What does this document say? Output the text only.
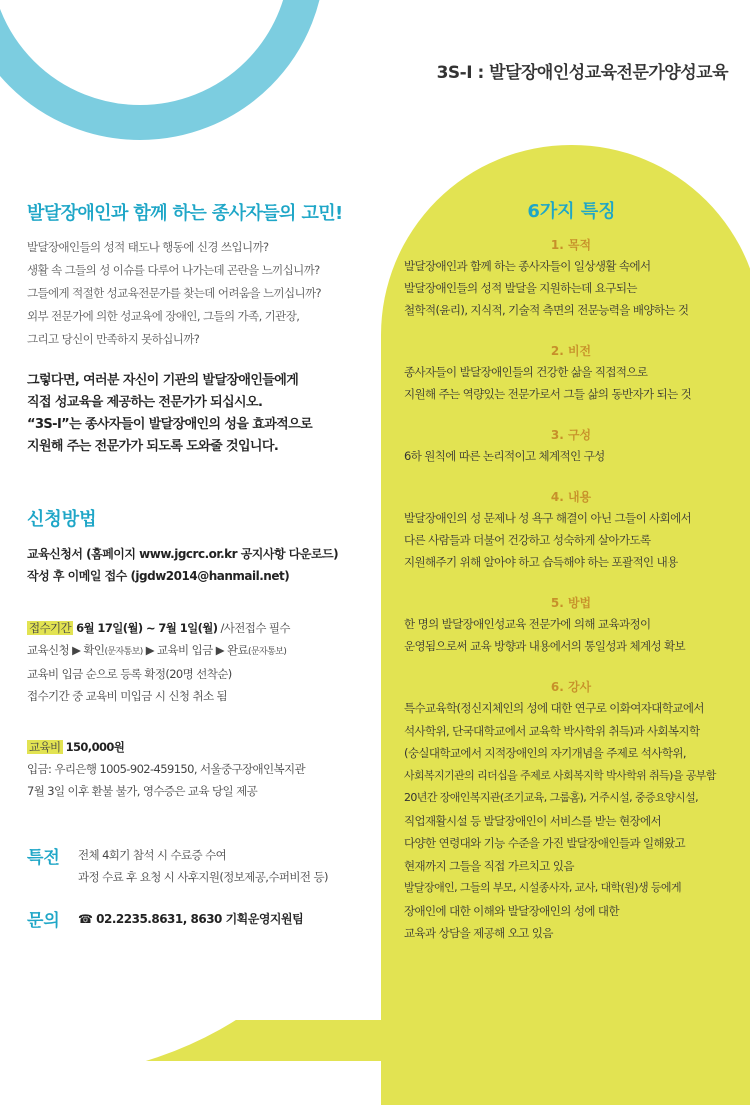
3S-I : 발달장애인성교육전문가양성교육
발달장애인과 함께 하는 종사자들의 고민!
발달장애인들의 성적 태도나 행동에 신경 쓰입니까?
생활 속 그들의 성 이슈를 다루어 나가는데 곤란을 느끼십니까?
그들에게 적절한 성교육전문가를 찾는데 어려움을 느끼십니까?
외부 전문가에 의한 성교육에 장애인, 그들의 가족, 기관장,
그리고 당신이 만족하지 못하십니까?
그렇다면, 여러분 자신이 기관의 발달장애인들에게
직접 성교육을 제공하는 전문가가 되십시오.
“3S-I”는 종사자들이 발달장애인의 성을 효과적으로
지원해 주는 전문가가 되도록 도와줄 것입니다.
신청방법
교육신청서 (홈페이지 www.jgcrc.or.kr 공지사항 다운로드)
작성 후 이메일 접수 (jgdw2014@hanmail.net)
접수기간 6월 17일(월) ~ 7월 1일(월) /사전접수 필수
교육신청 ▶ 확인(문자통보) ▶ 교육비 입금 ▶ 완료(문자통보)
교육비 입금 순으로 등록 확정(20명 선착순)
접수기간 중 교육비 미입금 시 신청 취소 됨
교육비 150,000원
입금: 우리은행 1005-902-459150, 서울중구장애인복지관
7월 3일 이후 환불 불가, 영수증은 교육 당일 제공
특전 전체 4회기 참석 시 수료증 수여
과정 수료 후 요청 시 사후지원(정보제공,수퍼비전 등)
문의 ☎ 02.2235.8631, 8630 기획운영지원팀
6가지 특징
1. 목적
발달장애인과 함께 하는 종사자들이 일상생활 속에서
발달장애인들의 성적 발달을 지원하는데 요구되는
철학적(윤리), 지식적, 기술적 측면의 전문능력을 배양하는 것
2. 비전
종사자들이 발달장애인들의 건강한 삶을 직접적으로
지원해 주는 역량있는 전문가로서 그들 삶의 동반자가 되는 것
3. 구성
6하 원칙에 따른 논리적이고 체계적인 구성
4. 내용
발달장애인의 성 문제나 성 욕구 해결이 아닌 그들이 사회에서
다른 사람들과 더불어 건강하고 성숙하게 살아가도록
지원해주기 위해 알아야 하고 습득해야 하는 포괄적인 내용
5. 방법
한 명의 발달장애인성교육 전문가에 의해 교육과정이
운영됨으로써 교육 방향과 내용에서의 통일성과 체계성 확보
6. 강사
특수교육학(정신지체인의 성에 대한 연구로 이화여자대학교에서
석사학위, 단국대학교에서 교육학 박사학위 취득)과 사회복지학
(숭실대학교에서 지적장애인의 자기개념을 주제로 석사학위,
사회복지기관의 리더십을 주제로 사회복지학 박사학위 취득)을 공부함
20년간 장애인복지관(조기교육, 그룹홈), 거주시설, 중증요양시설,
직업재활시설 등 발달장애인이 서비스를 받는 현장에서
다양한 연령대와 기능 수준을 가진 발달장애인들과 일해왔고
현재까지 그들을 직접 가르치고 있음
발달장애인, 그들의 부모, 시설종사자, 교사, 대학(원)생 등에게
장애인에 대한 이해와 발달장애인의 성에 대한
교육과 상담을 제공해 오고 있음
